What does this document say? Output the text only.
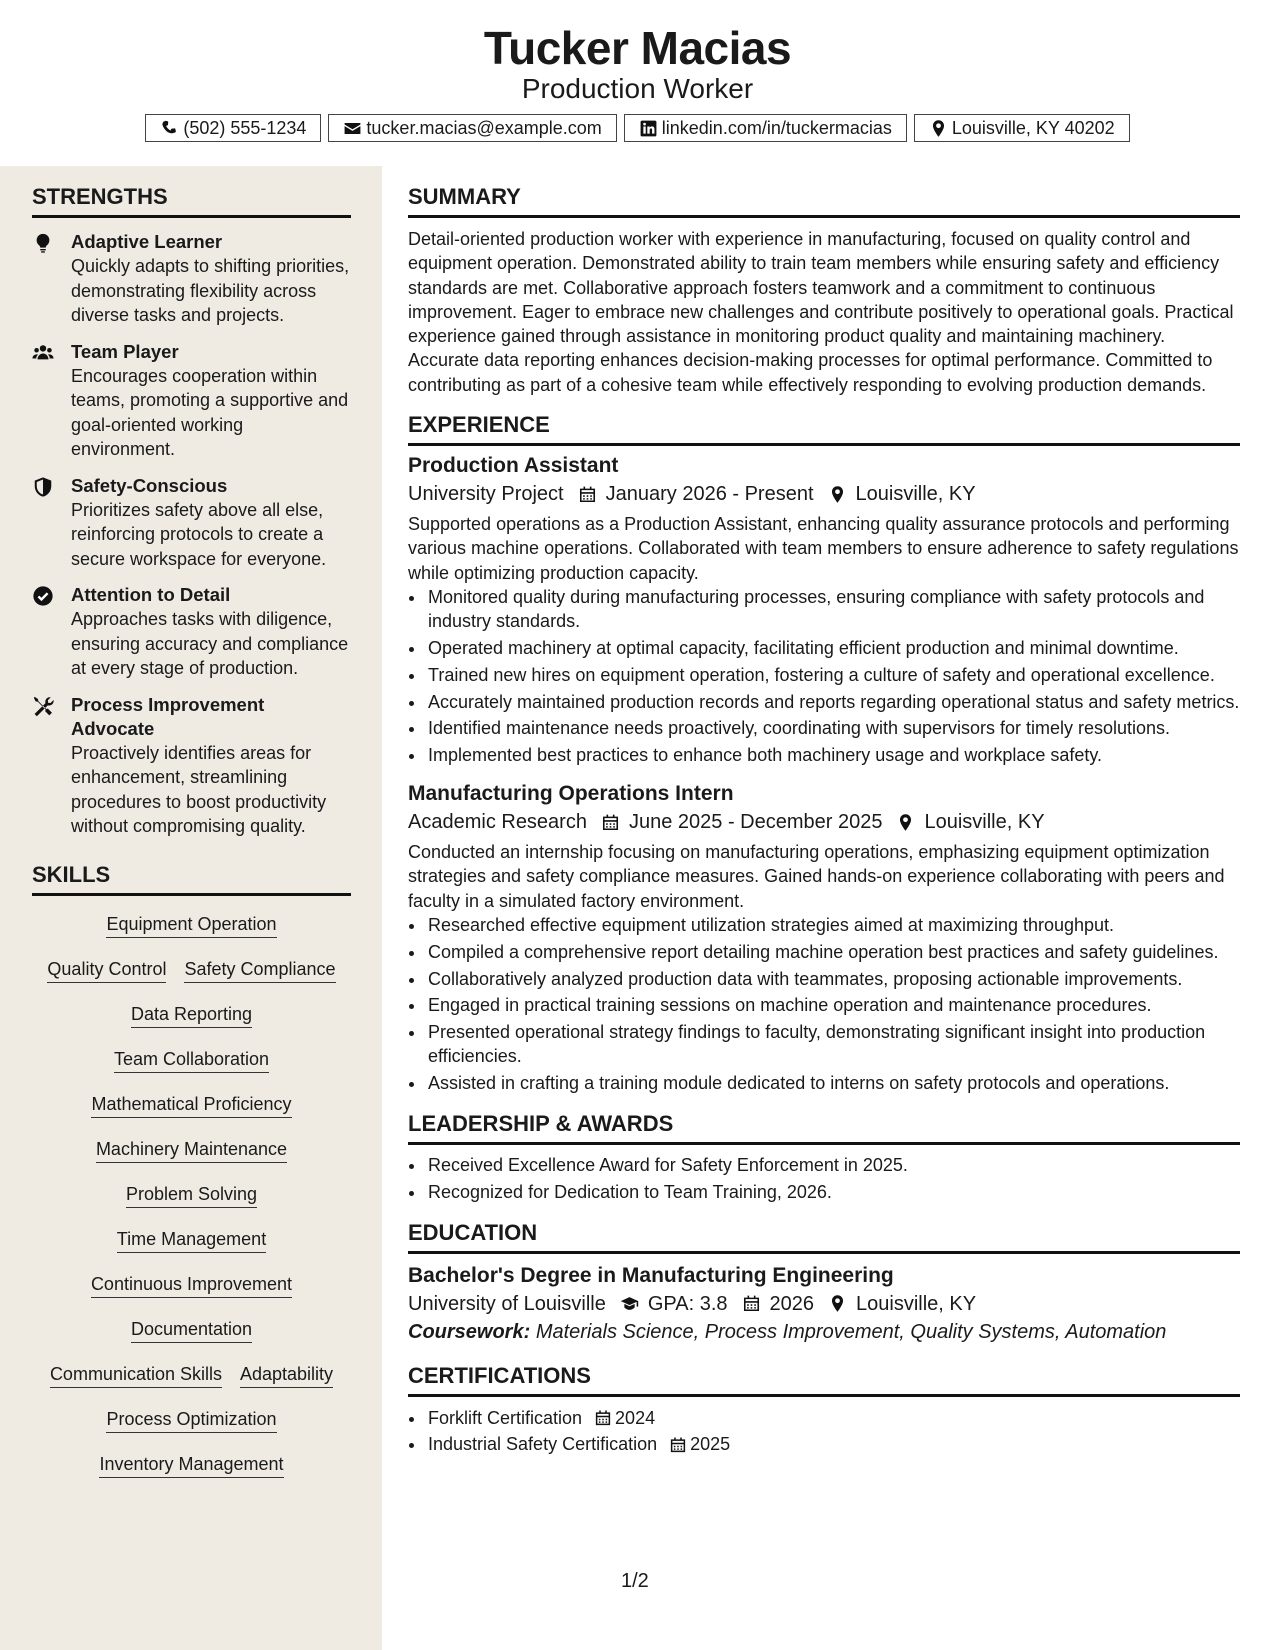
Tucker Macias
Production Worker
(502) 555-1234	tucker.macias@example.com	linkedin.com/in/tuckermacias	Louisville, KY 40202
STRENGTHS
Adaptive Learner
Quickly adapts to shifting priorities, demonstrating flexibility across diverse tasks and projects.
Team Player
Encourages cooperation within teams, promoting a supportive and goal-oriented working environment.
Safety-Conscious
Prioritizes safety above all else, reinforcing protocols to create a secure workspace for everyone.
Attention to Detail
Approaches tasks with diligence, ensuring accuracy and compliance at every stage of production.
Process Improvement Advocate
Proactively identifies areas for enhancement, streamlining procedures to boost productivity without compromising quality.
SKILLS
Equipment Operation
Quality Control Safety Compliance
Data Reporting
Team Collaboration
Mathematical Proficiency
Machinery Maintenance
Problem Solving
Time Management
Continuous Improvement
Documentation
Communication Skills Adaptability
Process Optimization
Inventory Management
SUMMARY

Detail-oriented production worker with experience in manufacturing, focused on quality control and equipment operation. Demonstrated ability to train team members while ensuring safety and efficiency standards are met. Collaborative approach fosters teamwork and a commitment to continuous improvement. Eager to embrace new challenges and contribute positively to operational goals. Practical experience gained through assistance in monitoring product quality and maintaining machinery. Accurate data reporting enhances decision-making processes for optimal performance. Committed to contributing as part of a cohesive team while effectively responding to evolving production demands.

EXPERIENCE
Production Assistant
University Project January 2026 - Present Louisville, KY

Supported operations as a Production Assistant, enhancing quality assurance protocols and performing various machine operations. Collaborated with team members to ensure adherence to safety regulations while optimizing production capacity.

• Monitored quality during manufacturing processes, ensuring compliance with safety protocols and industry standards.
• Operated machinery at optimal capacity, facilitating efficient production and minimal downtime.
• Trained new hires on equipment operation, fostering a culture of safety and operational excellence.
• Accurately maintained production records and reports regarding operational status and safety metrics.
• Identified maintenance needs proactively, coordinating with supervisors for timely resolutions.
• Implemented best practices to enhance both machinery usage and workplace safety.
Manufacturing Operations Intern
Academic Research June 2025 - December 2025 Louisville, KY

Conducted an internship focusing on manufacturing operations, emphasizing equipment optimization strategies and safety compliance measures. Gained hands-on experience collaborating with peers and faculty in a simulated factory environment.

• Researched effective equipment utilization strategies aimed at maximizing throughput.
• Compiled a comprehensive report detailing machine operation best practices and safety guidelines.
• Collaboratively analyzed production data with teammates, proposing actionable improvements.
• Engaged in practical training sessions on machine operation and maintenance procedures.
• Presented operational strategy findings to faculty, demonstrating significant insight into production efficiencies.
• Assisted in crafting a training module dedicated to interns on safety protocols and operations.
LEADERSHIP & AWARDS
• Received Excellence Award for Safety Enforcement in 2025.
• Recognized for Dedication to Team Training, 2026.
EDUCATION
Bachelor's Degree in Manufacturing Engineering
University of Louisville GPA: 3.8 2026 Louisville, KY
Coursework: Materials Science, Process Improvement, Quality Systems, Automation
CERTIFICATIONS
• Forklift Certification 2024
• Industrial Safety Certification 2025
1/2
